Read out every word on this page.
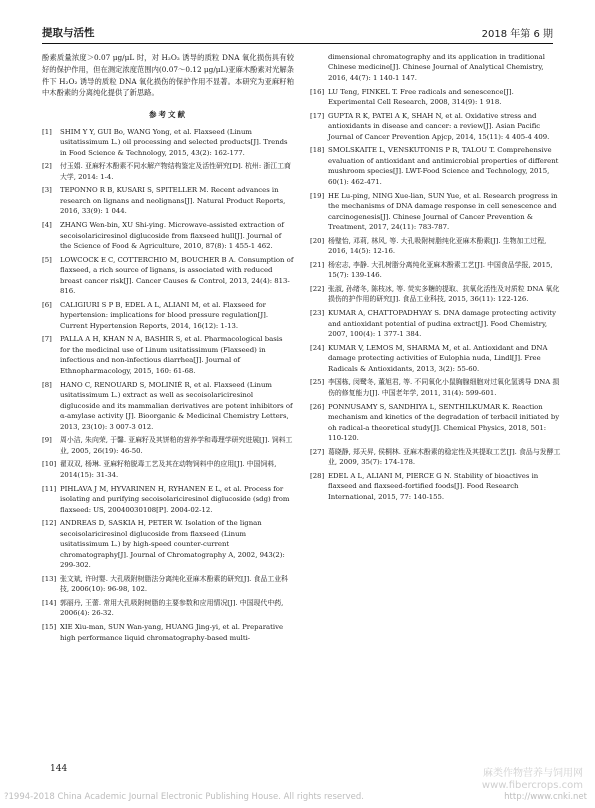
提取与活性	2018 年第 6 期

酚素质量浓度＞0.07 μg/μL 时，对 H₂O₂ 诱导的质粒 DNA 氧化损伤具有较好的保护作用，但在测定浓度范围内(0.07～0.12 μg/μL)亚麻木酚素对光解条件下 H₂O₂ 诱导的质粒 DNA 氧化损伤的保护作用不显著。本研究为亚麻籽粕中木酚素的分离纯化提供了新思路。

参考文献
[1]	SHIM Y Y, GUI Bo, WANG Yong, et al. Flaxseed (Linum usitatissimum L.) oil processing and selected products[J]. Trends in Food Science & Technology, 2015, 43(2): 162-177.
[2]	付玉娟. 亚麻籽木酚素不同水解产物结构鉴定及活性研究[D]. 杭州: 浙江工商大学, 2014: 1-4.
[3]	TEPONNO R B, KUSARI S, SPITELLER M. Recent advances in research on lignans and neolignans[J]. Natural Product Reports, 2016, 33(9): 1 044.
[4]	ZHANG Wen-bin, XU Shi-ying. Microwave-assisted extraction of secoisolariciresinol diglucoside from flaxseed hull[J]. Journal of the Science of Food & Agriculture, 2010, 87(8): 1 455-1 462.
[5]	LOWCOCK E C, COTTERCHIO M, BOUCHER B A. Consumption of flaxseed, a rich source of lignans, is associated with reduced breast cancer risk[J]. Cancer Causes & Control, 2013, 24(4): 813-816.
[6]	CALIGIURI S P B, EDEL A L, ALIANI M, et al. Flaxseed for hypertension: implications for blood pressure regulation[J]. Current Hypertension Reports, 2014, 16(12): 1-13.
[7]	PALLA A H, KHAN N A, BASHIR S, et al. Pharmacological basis for the medicinal use of Linum usitatissimum (Flaxseed) in infectious and non-infectious diarrhea[J]. Journal of Ethnopharmacology, 2015, 160: 61-68.
[8]	HANO C, RENOUARD S, MOLINIÉ R, et al. Flaxseed (Linum usitatissimum L.) extract as well as secoisolariciresinol diglucoside and its mammalian derivatives are potent inhibitors of α-amylase activity [J]. Bioorganic & Medicinal Chemistry Letters, 2013, 23(10): 3 007-3 012.
[9]	周小洁, 朱向荣, 于馨. 亚麻籽及其饼粕的营养学和毒理学研究进展[J]. 饲料工业, 2005, 26(19): 46-50.
[10] 翟双双, 杨琳. 亚麻籽粕脱毒工艺及其在动物饲料中的应用[J]. 中国饲料, 2014(15): 31-34.
[11] PIHLAVA J M, HYVARINEN H, RYHANEN E L, et al. Process for isolating and purifying secoisolariciresinol diglucoside (sdg) from flaxseed: US, 20040030108[P]. 2004-02-12.
[12] ANDREAS D, SASKIA H, PETER W. Isolation of the lignan secoisolariciresinol diglucoside from flaxseed (Linum usitatissimum L.) by high-speed counter-current chromatography[J]. Journal of Chromatography A, 2002, 943(2): 299-302.
[13] 张文斌, 许时婴. 大孔吸附树脂法分离纯化亚麻木酚素的研究[J]. 食品工业科技, 2006(10): 96-98, 102.
[14] 郭丽丹, 王蕾. 常用大孔吸附树脂的主要参数和应用情况[J]. 中国现代中药, 2006(4): 26-32.
[15] XIE Xiu-man, SUN Wan-yang, HUANG Jing-yi, et al. Preparative high performance liquid chromatography-based multi-
dimensional chromatography and its application in traditional Chinese medicine[J]. Chinese Journal of Analytical Chemistry, 2016, 44(7): 1 140-1 147.
[16] LU Teng, FINKEL T. Free radicals and senescence[J]. Experimental Cell Research, 2008, 314(9): 1 918.
[17] GUPTA R K, PATEl A K, SHAH N, et al. Oxidative stress and antioxidants in disease and cancer: a review[J]. Asian Pacific Journal of Cancer Prevention Apjcp, 2014, 15(11): 4 405-4 409.
[18] SMOLSKAITE L, VENSKUTONIS P R, TALOU T. Comprehensive evaluation of antioxidant and antimicrobial properties of different mushroom species[J]. LWT-Food Science and Technology, 2015, 60(1): 462-471.
[19] HE Lu-ping, NING Xue-lian, SUN Yue, et al. Research progress in the mechanisms of DNA damage response in cell senescence and carcinogenesis[J]. Chinese Journal of Cancer Prevention & Treatment, 2017, 24(11): 783-787.
[20] 杨璧怡, 邓莉, 林风, 等. 大孔吸附树脂纯化亚麻木酚素[J]. 生物加工过程, 2016, 14(5): 12-16.
[21] 杨宏志, 李静. 大孔树脂分离纯化亚麻木酚素工艺[J]. 中国食品学报, 2015, 15(7): 139-146.
[22] 张淑, 孙绪冬, 陈枝冰, 等. 荧实多糖的提取、抗氧化活性及对质粒 DNA 氧化损伤的护作用的研究[J]. 食品工业科技, 2015, 36(11): 122-126.
[23] KUMAR A, CHATTOPADHYAY S. DNA damage protecting activity and antioxidant potential of pudina extract[J]. Food Chemistry, 2007, 100(4): 1 377-1 384.
[24] KUMAR V, LEMOS M, SHARMA M, et al. Antioxidant and DNA damage protecting activities of Eulophia nuda, Lindl[J]. Free Radicals & Antioxidants, 2013, 3(2): 55-60.
[25] 李国栋, 闵鹭冬, 董旭君, 等. 不同氧化小鼠胸腺细胞对过氧化氢诱导 DNA 损伤的修复能力[J]. 中国老年学, 2011, 31(4): 599-601.
[26] PONNUSAMY S, SANDHIYA L, SENTHILKUMAR K. Reaction mechanism and kinetics of the degradation of terbacil initiated by oh radical-a theoretical study[J]. Chemical Physics, 2018, 501: 110-120.
[27] 葛晓静, 郑天昇, 侯桐林. 亚麻木酚素的稳定性及其提取工艺[J]. 食品与发酵工业, 2009, 35(7): 174-178.
[28] EDEL A L, ALIANI M, PIERCE G N. Stability of bioactives in flaxseed and flaxseed-fortified foods[J]. Food Research International, 2015, 77: 140-155.
144	麻类作物营养与饲用网
www.fibercrops.com
?1994-2018 China Academic Journal Electronic Publishing House. All rights reserved.	http://www.cnki.net
